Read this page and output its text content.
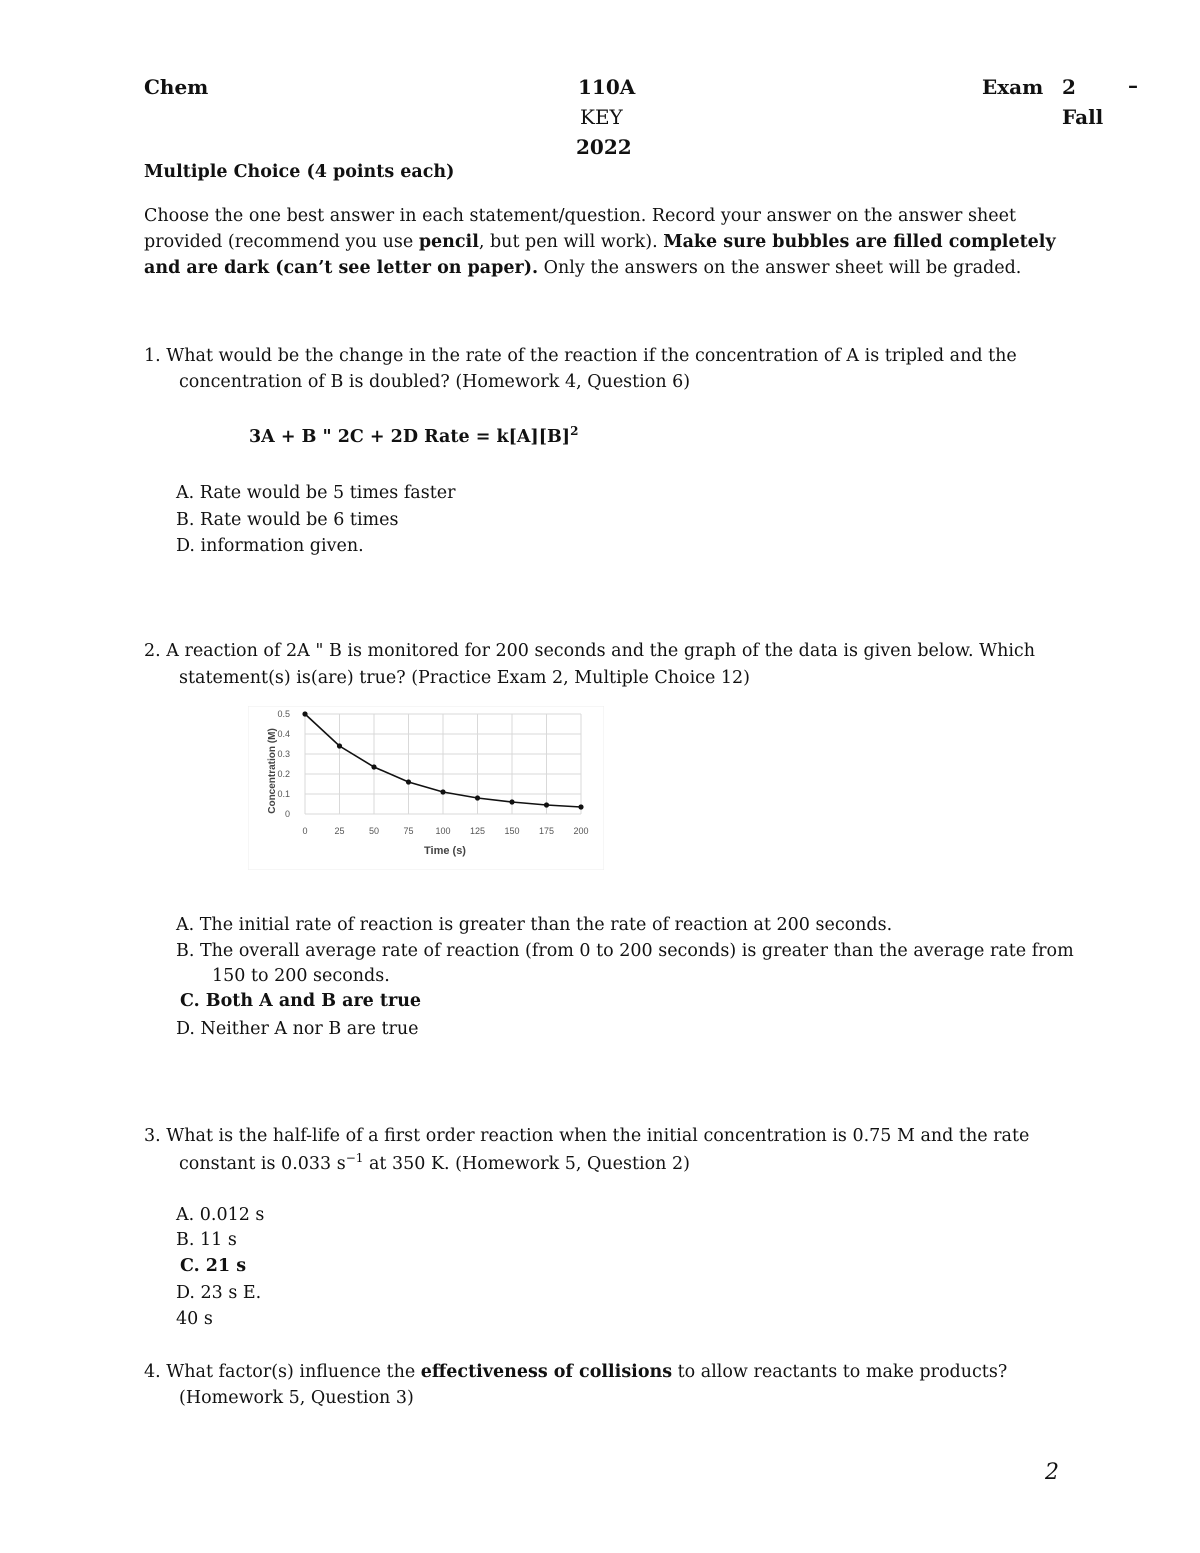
Chem	110A
KEY
2022
Exam 2	–
Fall
Multiple Choice (4 points each)
Choose the one best answer in each statement/question. Record your answer on the answer sheet
provided (recommend you use pencil, but pen will work). Make sure bubbles are filled completely
and are dark (can’t see letter on paper). Only the answers on the answer sheet will be graded.
1. What would be the change in the rate of the reaction if the concentration of A is tripled and the
concentration of B is doubled? (Homework 4, Question 6)
3A + B " 2C + 2D Rate = $k[A][B]^2$
A. Rate would be 5 times faster
B. Rate would be 6 times
D. information given.
2. A reaction of 2A " B is monitored for 200 seconds and the graph of the data is given below. Which
statement(s) is(are) true? (Practice Exam 2, Multiple Choice 12)
0
0.1
0.2
0.3
0.4
0.5
0	25	50	75 100 125 150 175 200
Concentration (M)
Time (s)
A. The initial rate of reaction is greater than the rate of reaction at 200 seconds.
B. The overall average rate of reaction (from 0 to 200 seconds) is greater than the average rate from
150 to 200 seconds.
C. Both A and B are true
D. Neither A nor B are true
3. What is the half-life of a first order reaction when the initial concentration is 0.75 M and the rate
constant is 0.033 $s^{-1}$ at 350 K. (Homework 5, Question 2)
A. 0.012 s
B. 11 s
C. 21 s
D. 23 s E.
40 s
4. What factor(s) influence the effectiveness of collisions to allow reactants to make products?
(Homework 5, Question 3)
2
